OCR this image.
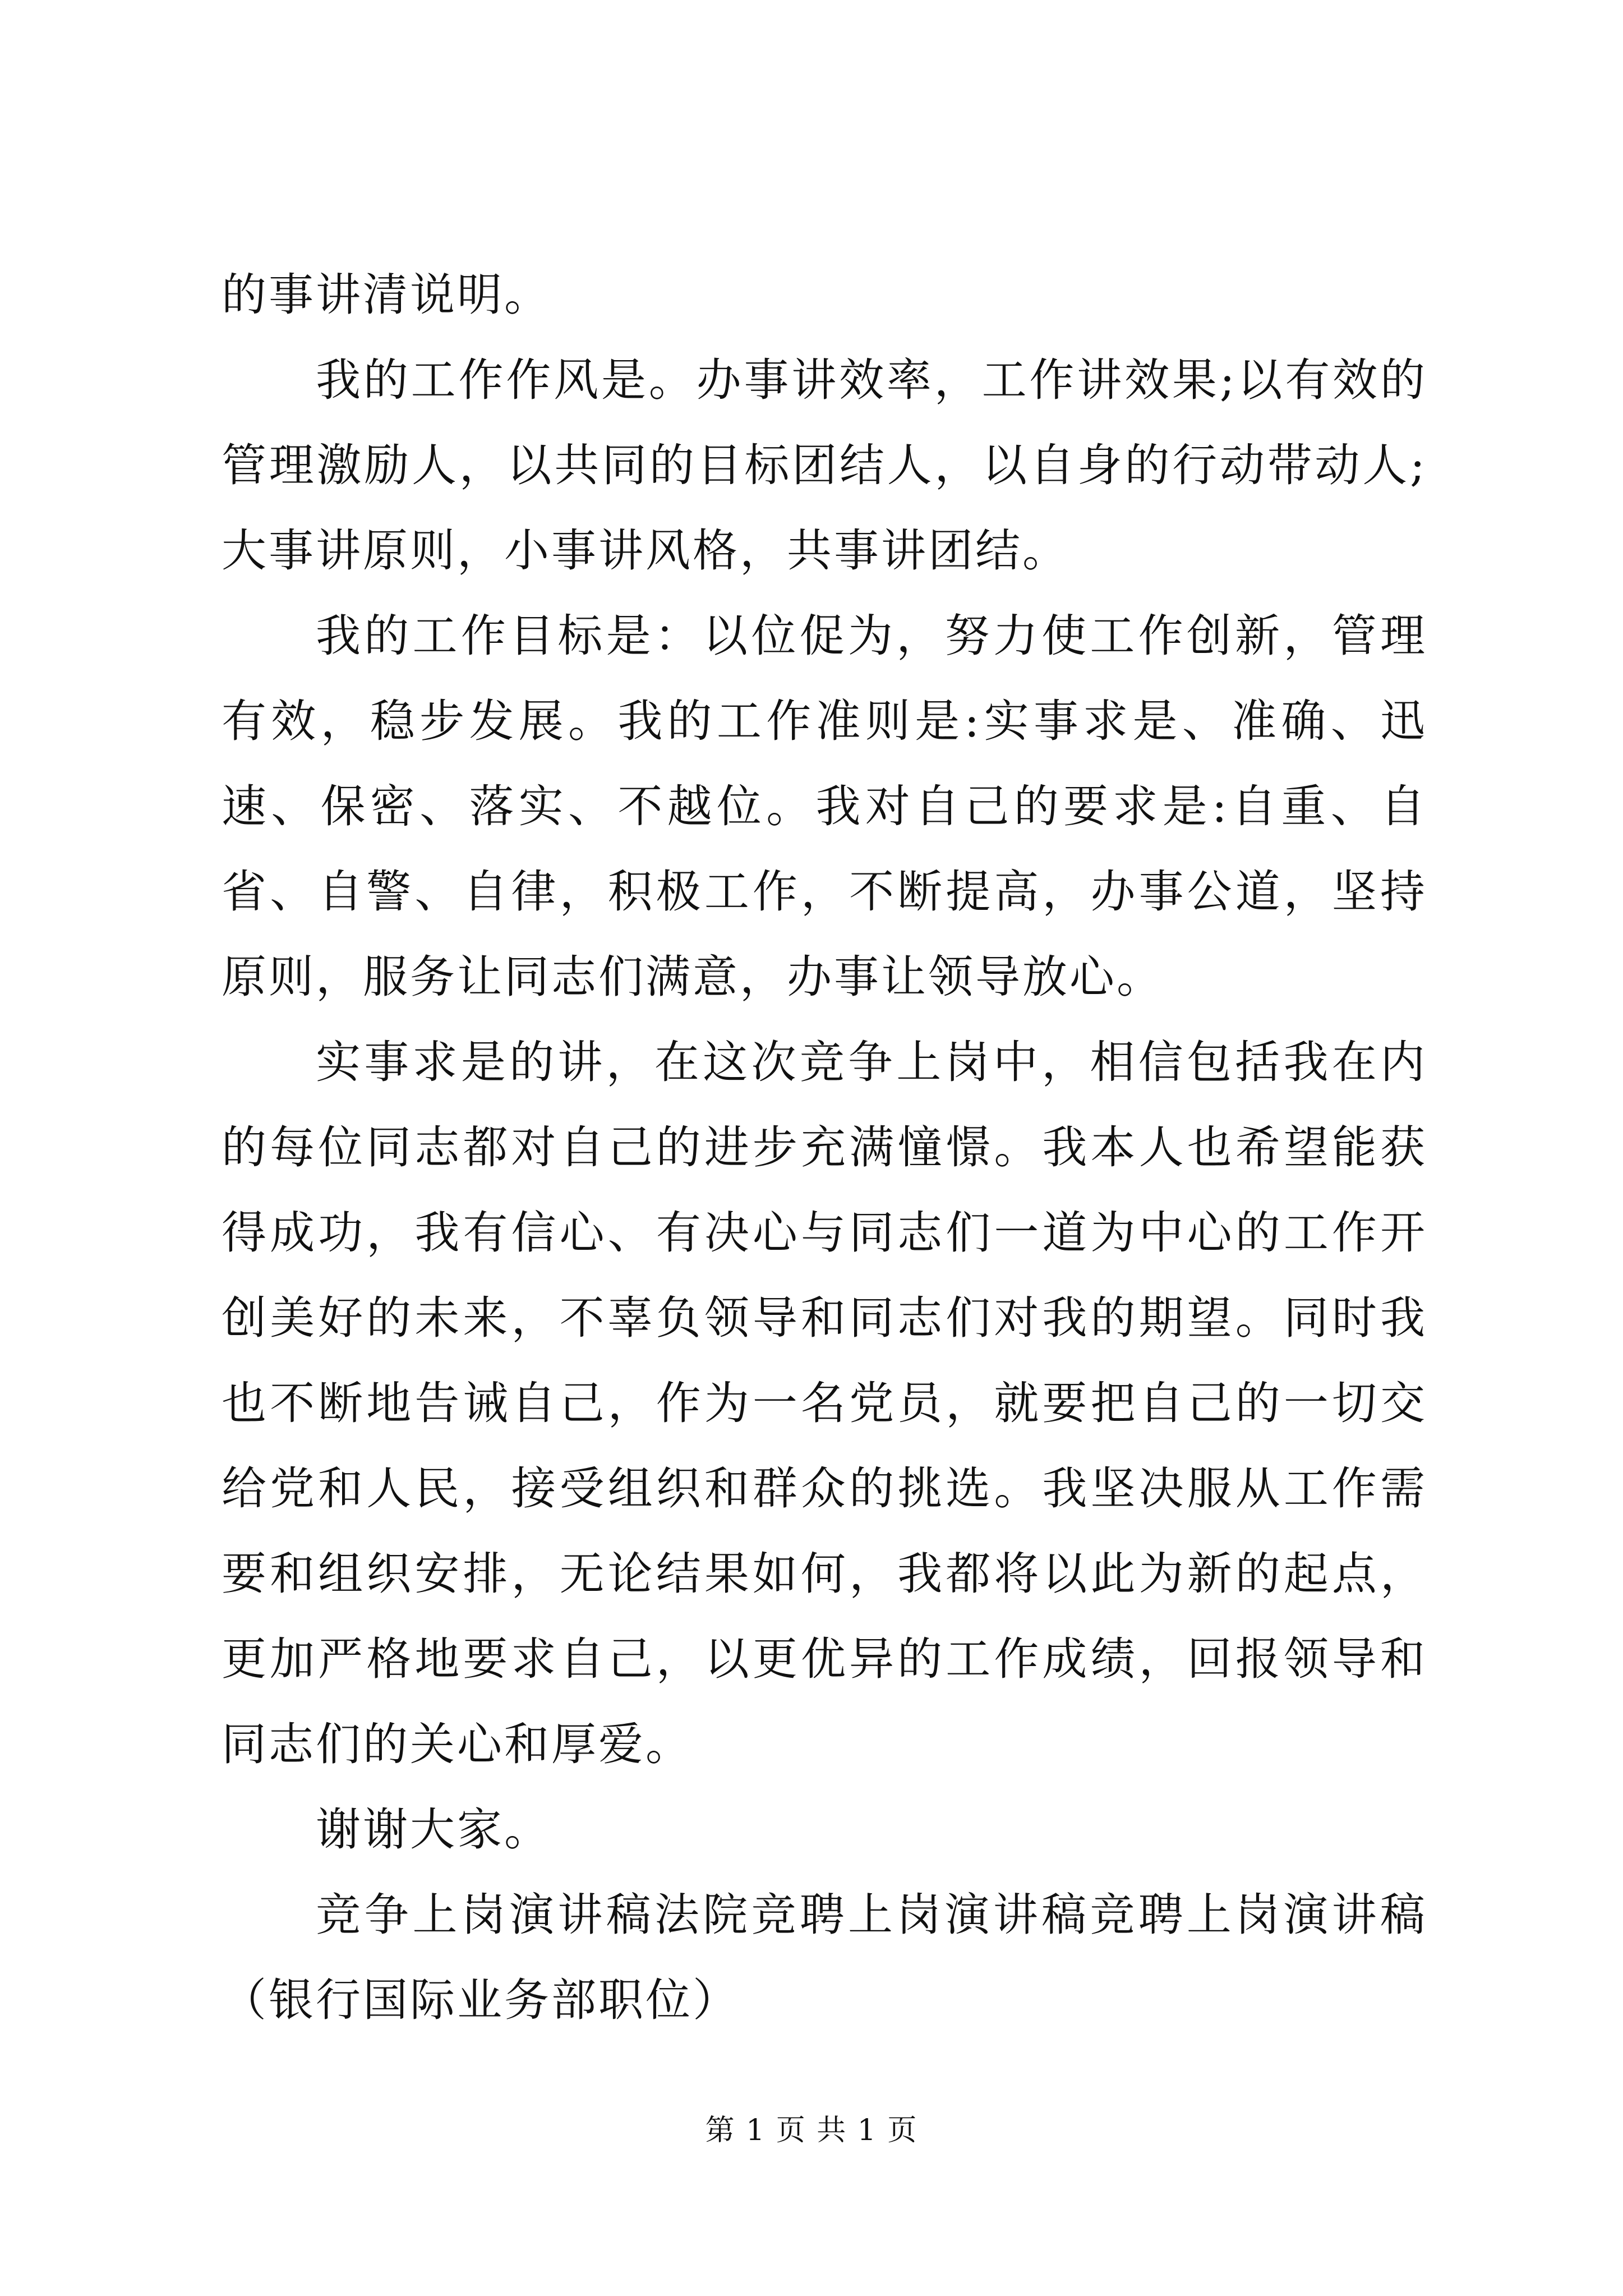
的事讲清说明。

我的工作作风是。办事讲效率，工作讲效果;以有效的管理激励人，以共同的目标团结人，以自身的行动带动人;大事讲原则，小事讲风格，共事讲团结。

我的工作目标是：以位促为，努力使工作创新，管理有效，稳步发展。我的工作准则是:实事求是、准确、迅速、保密、落实、不越位。我对自己的要求是:自重、自省、自警、自律，积极工作，不断提高，办事公道，坚持原则，服务让同志们满意，办事让领导放心。

实事求是的讲，在这次竞争上岗中，相信包括我在内的每位同志都对自己的进步充满憧憬。我本人也希望能获得成功，我有信心、有决心与同志们一道为中心的工作开创美好的未来，不辜负领导和同志们对我的期望。同时我也不断地告诫自己，作为一名党员，就要把自己的一切交给党和人民，接受组织和群众的挑选。我坚决服从工作需要和组织安排，无论结果如何，我都将以此为新的起点，更加严格地要求自己，以更优异的工作成绩，回报领导和同志们的关心和厚爱。

谢谢大家。

竞争上岗演讲稿法院竞聘上岗演讲稿竞聘上岗演讲稿（银行国际业务部职位）

第 1 页 共 1 页
